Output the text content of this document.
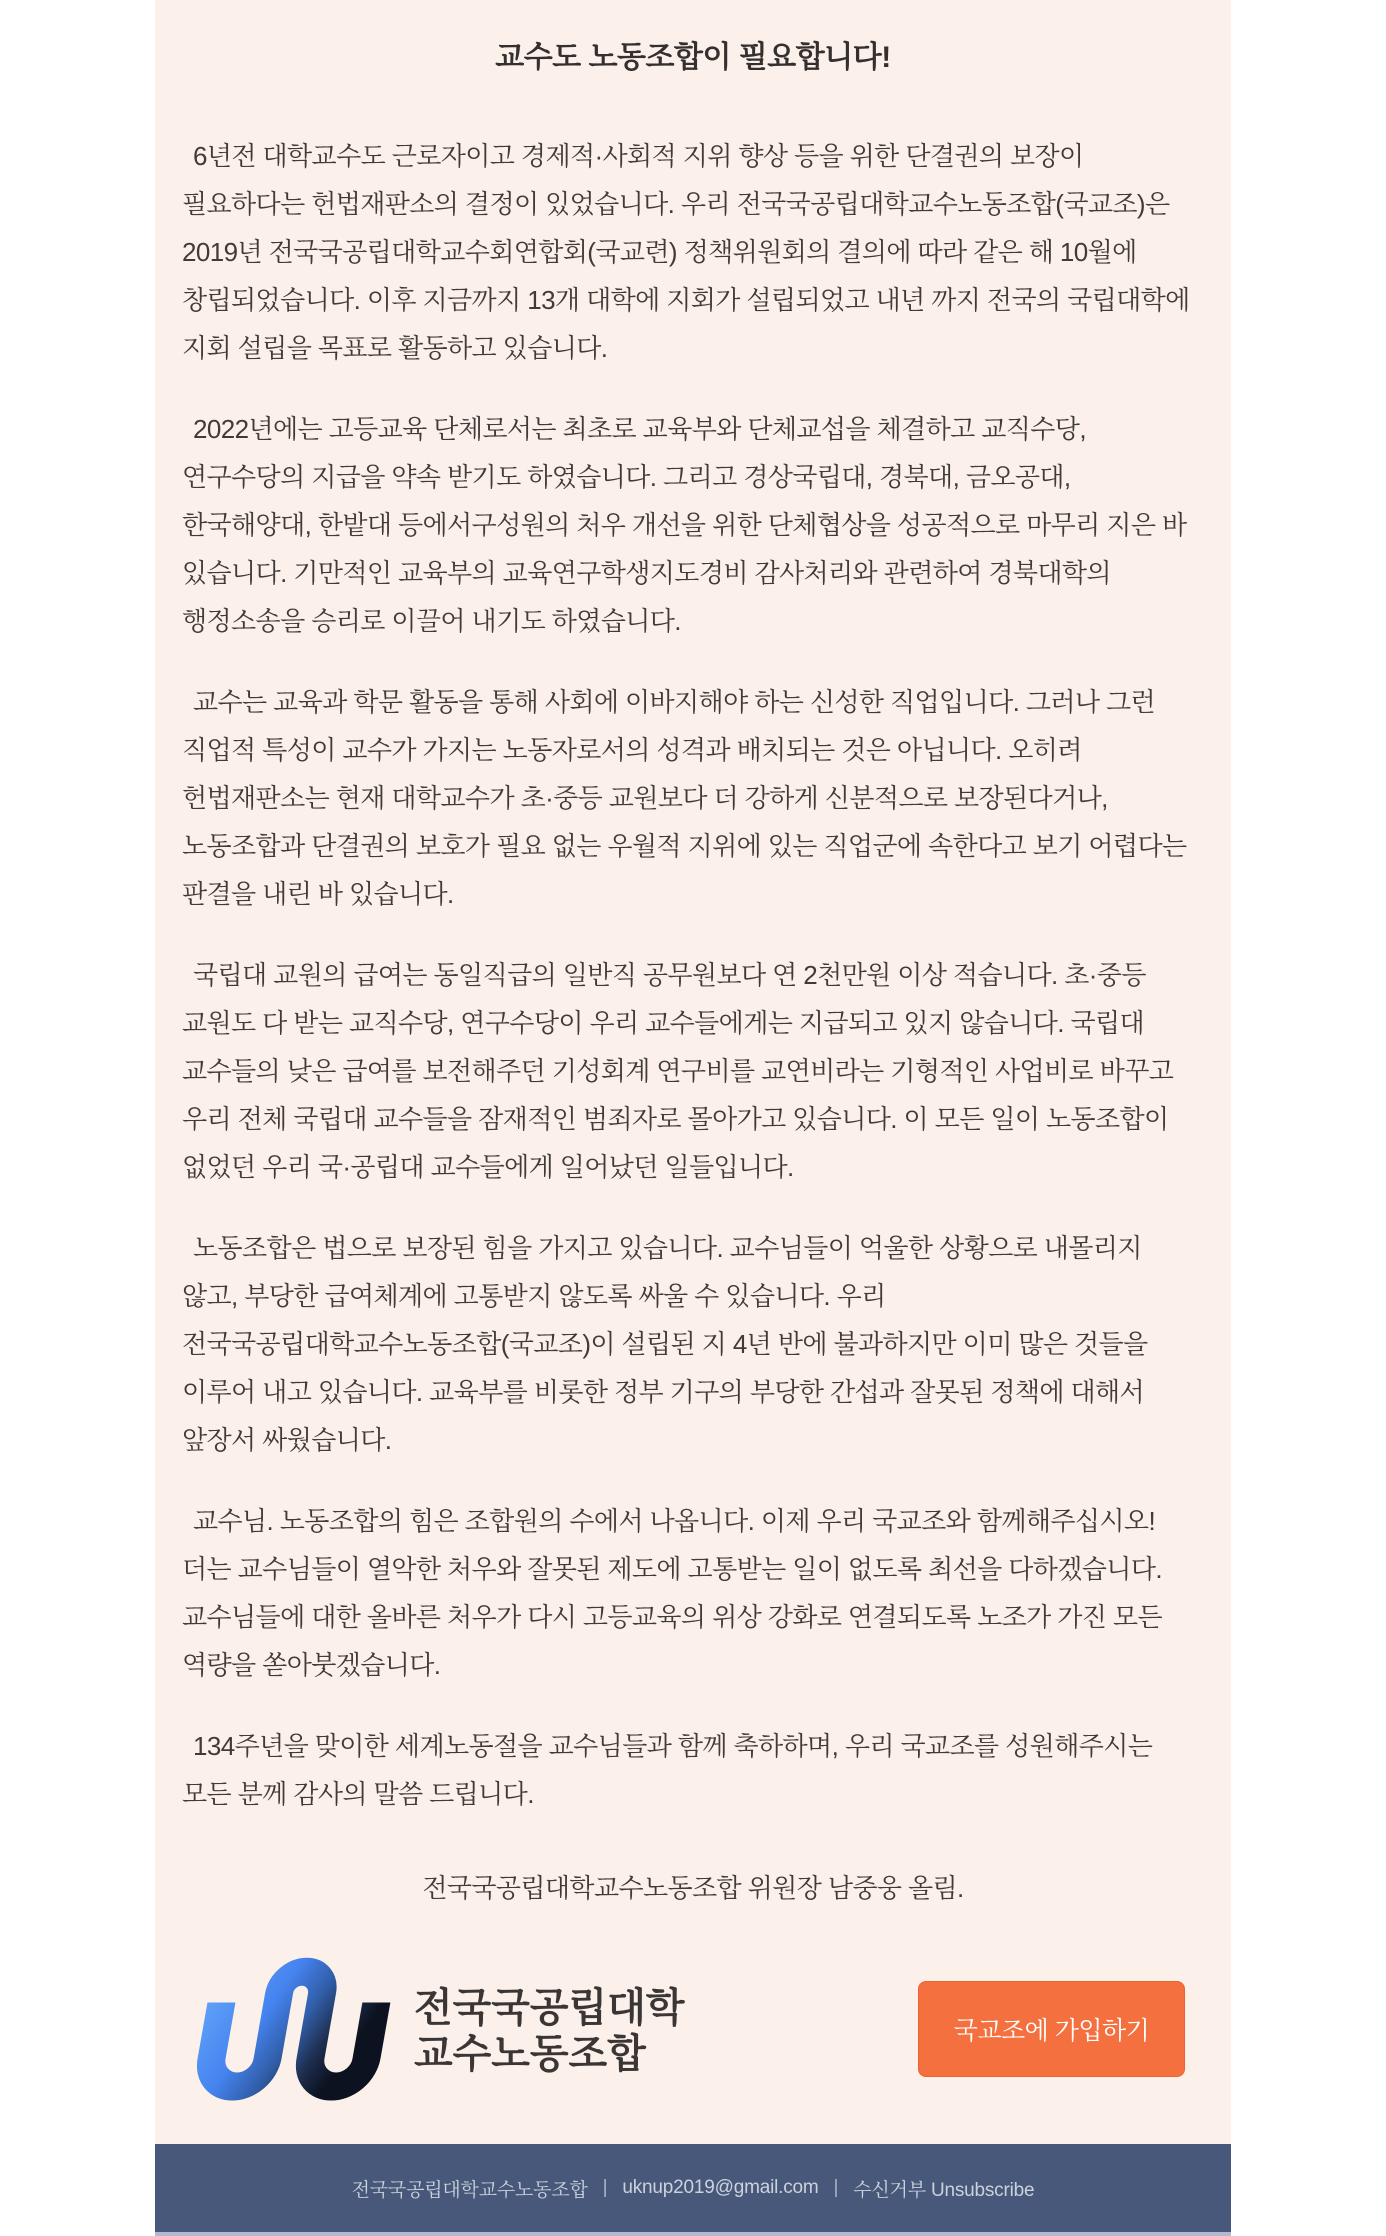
교수도 노동조합이 필요합니다!

6년전 대학교수도 근로자이고 경제적·사회적 지위 향상 등을 위한 단결권의 보장이 필요하다는 헌법재판소의 결정이 있었습니다. 우리 전국국공립대학교수노동조합(국교조)은 2019년 전국국공립대학교수회연합회(국교련) 정책위원회의 결의에 따라 같은 해 10월에 창립되었습니다. 이후 지금까지 13개 대학에 지회가 설립되었고 내년 까지 전국의 국립대학에 지회 설립을 목표로 활동하고 있습니다.

2022년에는 고등교육 단체로서는 최초로 교육부와 단체교섭을 체결하고 교직수당, 연구수당의 지급을 약속 받기도 하였습니다. 그리고 경상국립대, 경북대, 금오공대, 한국해양대, 한밭대 등에서구성원의 처우 개선을 위한 단체협상을 성공적으로 마무리 지은 바 있습니다. 기만적인 교육부의 교육연구학생지도경비 감사처리와 관련하여 경북대학의 행정소송을 승리로 이끌어 내기도 하였습니다.

교수는 교육과 학문 활동을 통해 사회에 이바지해야 하는 신성한 직업입니다. 그러나 그런 직업적 특성이 교수가 가지는 노동자로서의 성격과 배치되는 것은 아닙니다. 오히려 헌법재판소는 현재 대학교수가 초·중등 교원보다 더 강하게 신분적으로 보장된다거나, 노동조합과 단결권의 보호가 필요 없는 우월적 지위에 있는 직업군에 속한다고 보기 어렵다는 판결을 내린 바 있습니다.

국립대 교원의 급여는 동일직급의 일반직 공무원보다 연 2천만원 이상 적습니다. 초·중등 교원도 다 받는 교직수당, 연구수당이 우리 교수들에게는 지급되고 있지 않습니다. 국립대 교수들의 낮은 급여를 보전해주던 기성회계 연구비를 교연비라는 기형적인 사업비로 바꾸고 우리 전체 국립대 교수들을 잠재적인 범죄자로 몰아가고 있습니다. 이 모든 일이 노동조합이 없었던 우리 국·공립대 교수들에게 일어났던 일들입니다.

노동조합은 법으로 보장된 힘을 가지고 있습니다. 교수님들이 억울한 상황으로 내몰리지 않고, 부당한 급여체계에 고통받지 않도록 싸울 수 있습니다. 우리 전국국공립대학교수노동조합(국교조)이 설립된 지 4년 반에 불과하지만 이미 많은 것들을 이루어 내고 있습니다. 교육부를 비롯한 정부 기구의 부당한 간섭과 잘못된 정책에 대해서 앞장서 싸웠습니다.

교수님. 노동조합의 힘은 조합원의 수에서 나옵니다. 이제 우리 국교조와 함께해주십시오! 더는 교수님들이 열악한 처우와 잘못된 제도에 고통받는 일이 없도록 최선을 다하겠습니다. 교수님들에 대한 올바른 처우가 다시 고등교육의 위상 강화로 연결되도록 노조가 가진 모든 역량을 쏟아붓겠습니다.

134주년을 맞이한 세계노동절을 교수님들과 함께 축하하며, 우리 국교조를 성원해주시는 모든 분께 감사의 말씀 드립니다.

전국국공립대학교수노동조합 위원장 남중웅 올림.

전국국공립대학
교수노동조합
국교조에 가입하기
전국국공립대학교수노동조합 | uknup2019@gmail.com | 수신거부 Unsubscribe
